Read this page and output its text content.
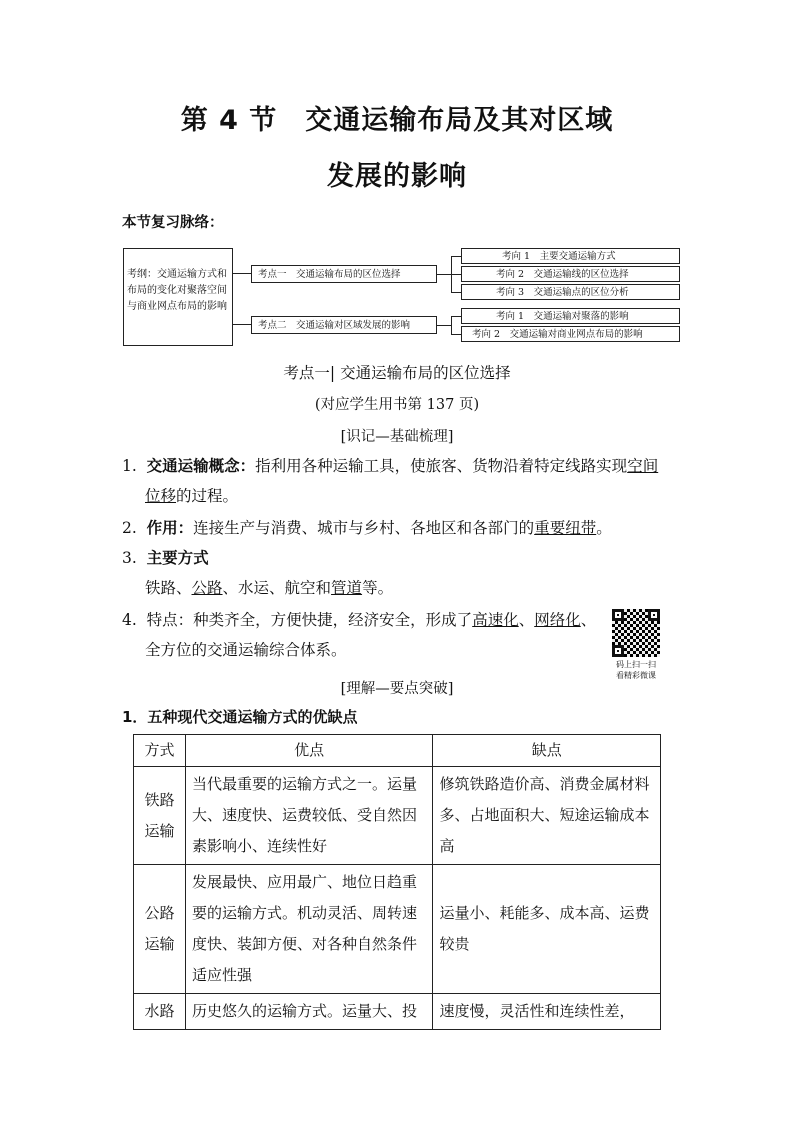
第 4 节　交通运输布局及其对区域
发展的影响
本节复习脉络：
考纲：交通运输方式和布局的变化对聚落空间与商业网点布局的影响
考点一　交通运输布局的区位选择
考点二　交通运输对区域发展的影响
考向 1　主要交通运输方式
考向 2　交通运输线的区位选择
考向 3　交通运输点的区位分析
考向 1　交通运输对聚落的影响
考向 2　交通运输对商业网点布局的影响
考点一| 交通运输布局的区位选择
(对应学生用书第 137 页)
[识记—基础梳理]
1. 交通运输概念：指利用各种运输工具，使旅客、货物沿着特定线路实现空间
位移的过程。
2. 作用：连接生产与消费、城市与乡村、各地区和各部门的重要纽带。
3. 主要方式
铁路、公路、水运、航空和管道等。
4. 特点：种类齐全，方便快捷，经济安全，形成了高速化、网络化、
全方位的交通运输综合体系。
码上扫一扫
看精彩微课
[理解—要点突破]
1．五种现代交通运输方式的优缺点
方式	优点	缺点
铁路运输	当代最重要的运输方式之一。运量大、速度快、运费较低、受自然因素影响小、连续性好	修筑铁路造价高、消费金属材料多、占地面积大、短途运输成本高
公路运输	发展最快、应用最广、地位日趋重要的运输方式。机动灵活、周转速度快、装卸方便、对各种自然条件适应性强	运量小、耗能多、成本高、运费较贵
水路	历史悠久的运输方式。运量大、投	速度慢，灵活性和连续性差，
